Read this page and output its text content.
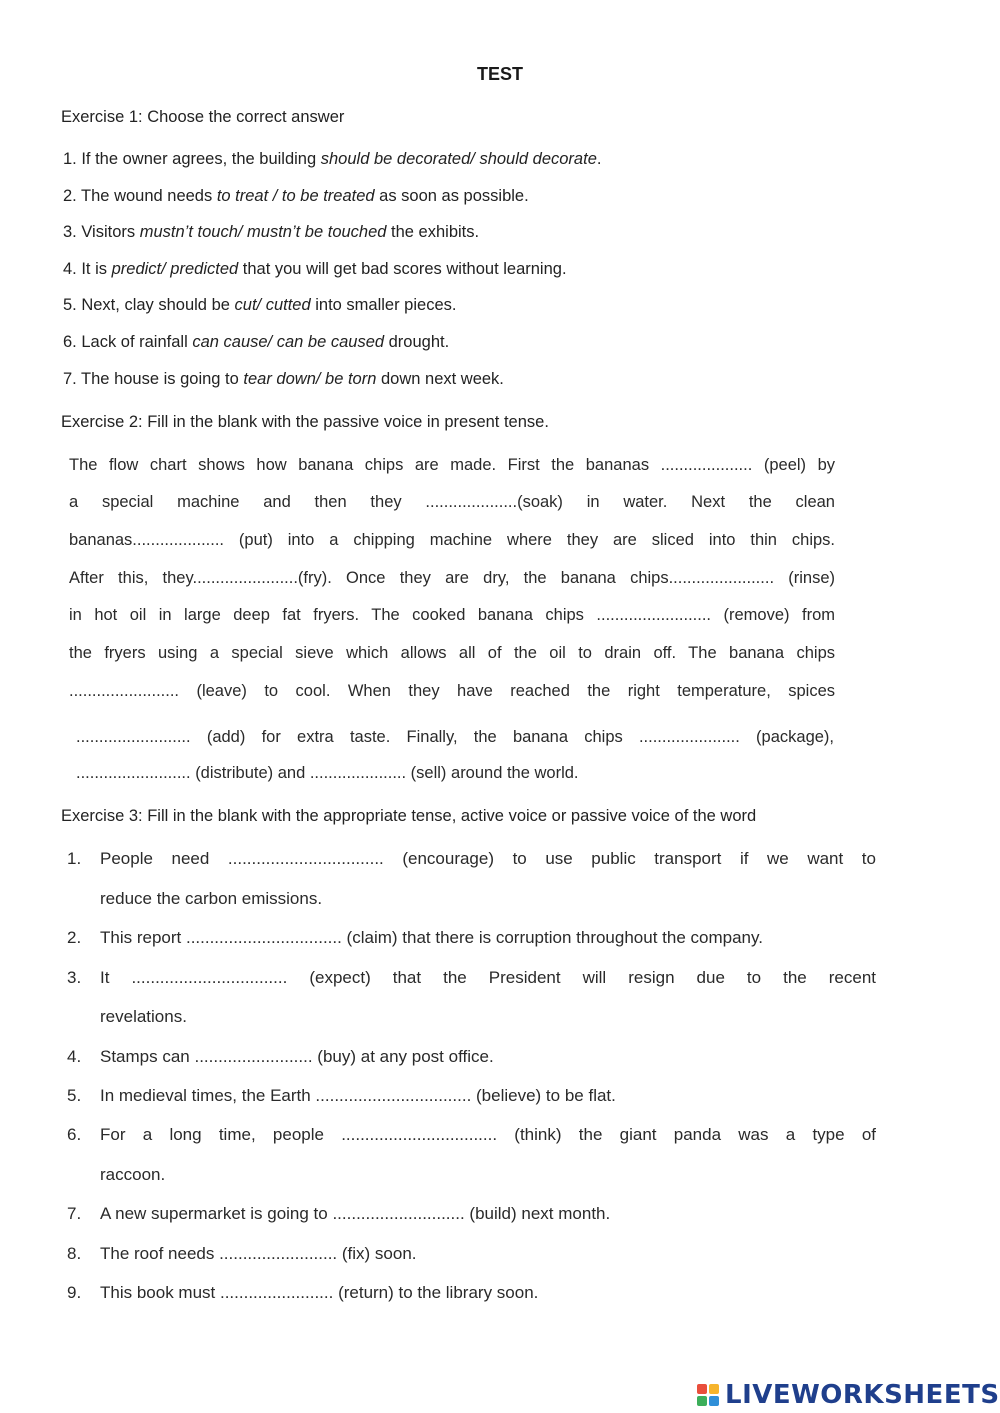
TEST
Exercise 1: Choose the correct answer
1. If the owner agrees, the building should be decorated/ should decorate.
2. The wound needs to treat / to be treated as soon as possible.
3. Visitors mustn’t touch/ mustn’t be touched the exhibits.
4. It is predict/ predicted that you will get bad scores without learning.
5. Next, clay should be cut/ cutted into smaller pieces.
6. Lack of rainfall can cause/ can be caused drought.
7. The house is going to tear down/ be torn down next week.
Exercise 2: Fill in the blank with the passive voice in present tense.
The flow chart shows how banana chips are made. First the bananas .................... (peel) by
a special machine and then they ....................(soak) in water. Next the clean
bananas.................... (put) into a chipping machine where they are sliced into thin chips.
After this, they.......................(fry). Once they are dry, the banana chips....................... (rinse)
in hot oil in large deep fat fryers. The cooked banana chips ......................... (remove) from
the fryers using a special sieve which allows all of the oil to drain off. The banana chips
........................ (leave) to cool. When they have reached the right temperature, spices
......................... (add) for extra taste. Finally, the banana chips ...................... (package),
......................... (distribute) and ..................... (sell) around the world.
Exercise 3: Fill in the blank with the appropriate tense, active voice or passive voice of the word
1.	People need ................................. (encourage) to use public transport if we want to
reduce the carbon emissions.
2.	This report ................................. (claim) that there is corruption throughout the company.
3.	It ................................. (expect) that the President will resign due to the recent
revelations.
4.	Stamps can ......................... (buy) at any post office.
5.	In medieval times, the Earth ................................. (believe) to be flat.
6.	For a long time, people ................................. (think) the giant panda was a type of
raccoon.
7.	A new supermarket is going to ............................ (build) next month.
8.	The roof needs ......................... (fix) soon.
9.	This book must ........................ (return) to the library soon.
LIVEWORKSHEETS
